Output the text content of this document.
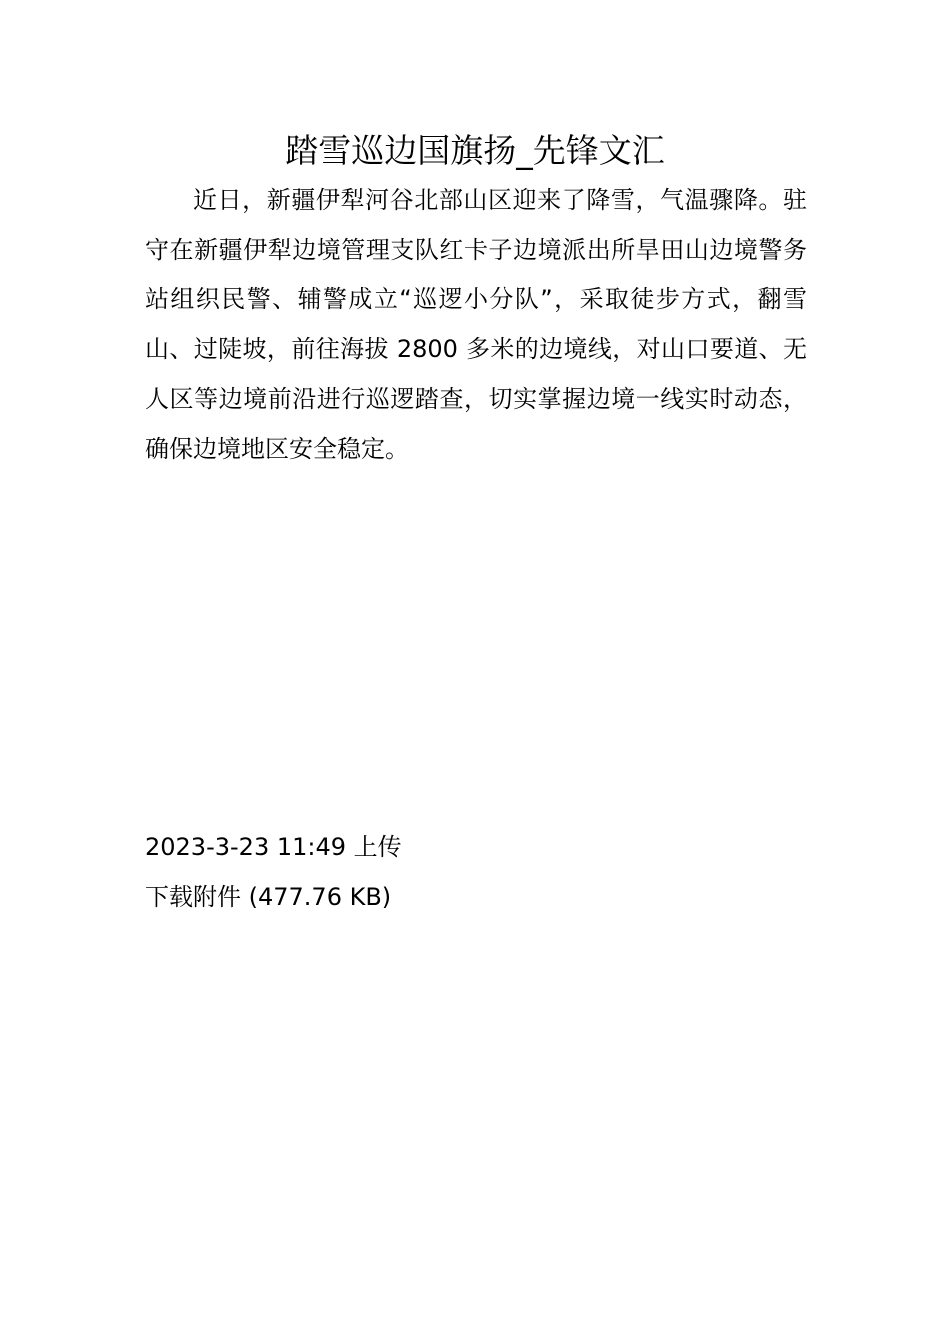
踏雪巡边国旗扬_先锋文汇

近日，新疆伊犁河谷北部山区迎来了降雪，气温骤降。驻守在新疆伊犁边境管理支队红卡子边境派出所旱田山边境警务站组织民警、辅警成立“巡逻小分队”，采取徒步方式，翻雪山、过陡坡，前往海拔 2800 多米的边境线，对山口要道、无人区等边境前沿进行巡逻踏查，切实掌握边境一线实时动态，确保边境地区安全稳定。

2023-3-23 11:49 上传
下载附件 (477.76 KB)
